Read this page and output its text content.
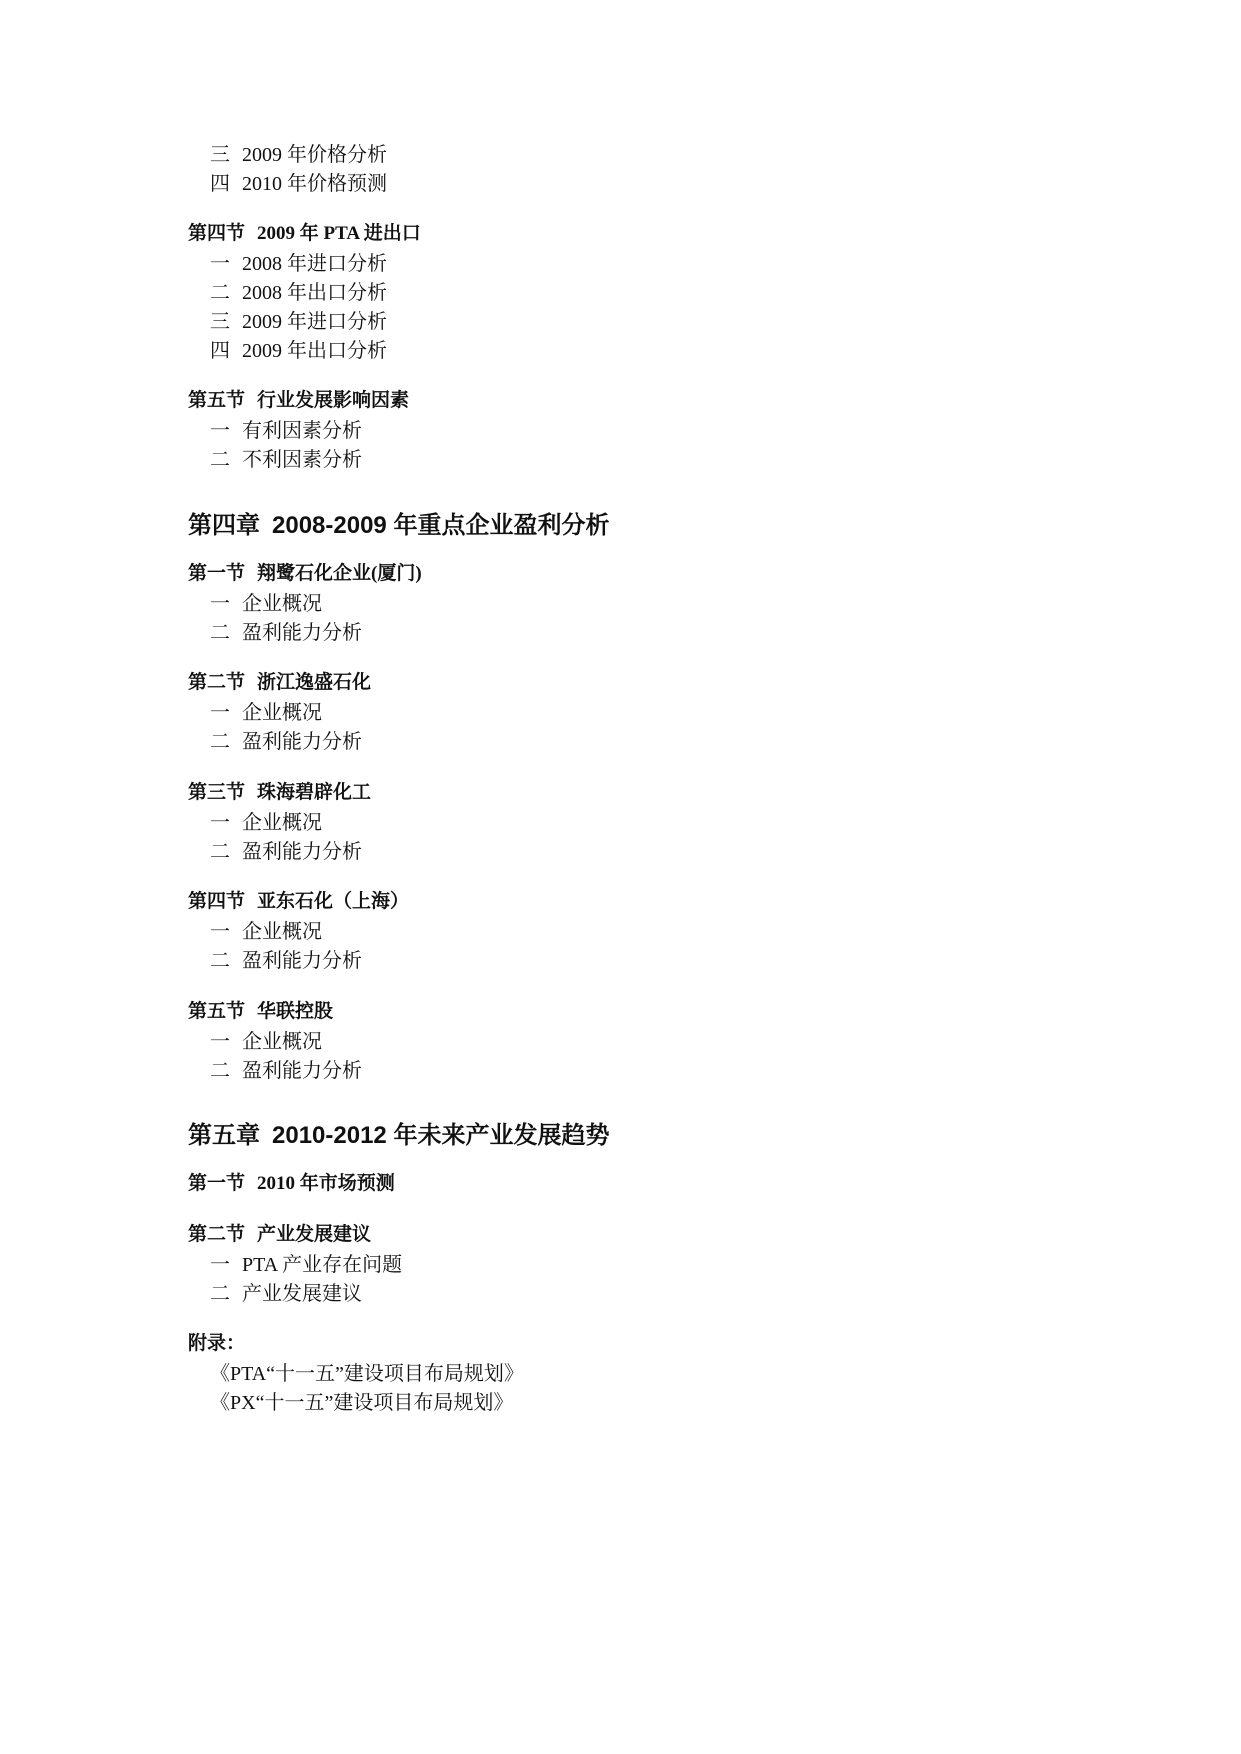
三 2009 年价格分析
四 2010 年价格预测
第四节 2009 年 PTA 进出口
一 2008 年进口分析
二 2008 年出口分析
三 2009 年进口分析
四 2009 年出口分析
第五节 行业发展影响因素
一 有利因素分析
二 不利因素分析
第四章 2008-2009 年重点企业盈利分析
第一节 翔鹭石化企业(厦门)
一 企业概况
二 盈利能力分析
第二节 浙江逸盛石化
一 企业概况
二 盈利能力分析
第三节 珠海碧辟化工
一 企业概况
二 盈利能力分析
第四节 亚东石化（上海）
一 企业概况
二 盈利能力分析
第五节 华联控股
一 企业概况
二 盈利能力分析
第五章 2010-2012 年未来产业发展趋势
第一节 2010 年市场预测
第二节 产业发展建议
一 PTA 产业存在问题
二 产业发展建议
附录：
《PTA“十一五”建设项目布局规划》
《PX“十一五”建设项目布局规划》
